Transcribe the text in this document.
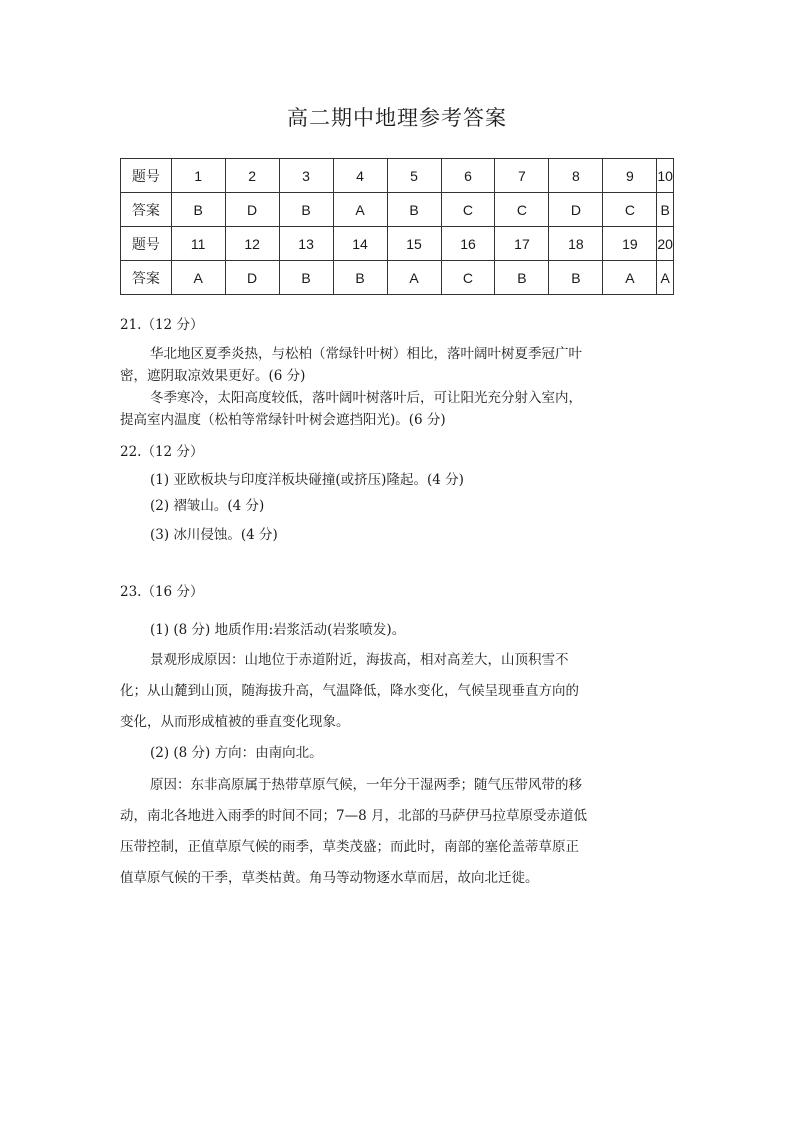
高二期中地理参考答案
题号	1	2	3	4	5	6	7	8	9	10
答案	B	D	B	A	B	C	C	D	C	B
题号	11	12	13	14	15	16	17	18	19	20
答案	A	D	B	B	A	C	B	B	A	A
21.（12 分）
华北地区夏季炎热，与松柏（常绿针叶树）相比，落叶阔叶树夏季冠广叶
密，遮阴取凉效果更好。(6 分)
冬季寒冷，太阳高度较低，落叶阔叶树落叶后，可让阳光充分射入室内，
提高室内温度（松柏等常绿针叶树会遮挡阳光)。(6 分)
22.（12 分）
(1) 亚欧板块与印度洋板块碰撞(或挤压)隆起。(4 分)
(2) 褶皱山。(4 分)
(3) 冰川侵蚀。(4 分)
23.（16 分）
(1) (8 分) 地质作用:岩浆活动(岩浆喷发)。
景观形成原因：山地位于赤道附近，海拔高，相对高差大，山顶积雪不
化；从山麓到山顶，随海拔升高，气温降低，降水变化，气候呈现垂直方向的
变化，从而形成植被的垂直变化现象。
(2) (8 分) 方向：由南向北。
原因：东非高原属于热带草原气候，一年分干湿两季；随气压带风带的移
动，南北各地进入雨季的时间不同；7—8 月，北部的马萨伊马拉草原受赤道低
压带控制，正值草原气候的雨季，草类茂盛；而此时，南部的塞伦盖蒂草原正
值草原气候的干季，草类枯黄。角马等动物逐水草而居，故向北迁徙。
